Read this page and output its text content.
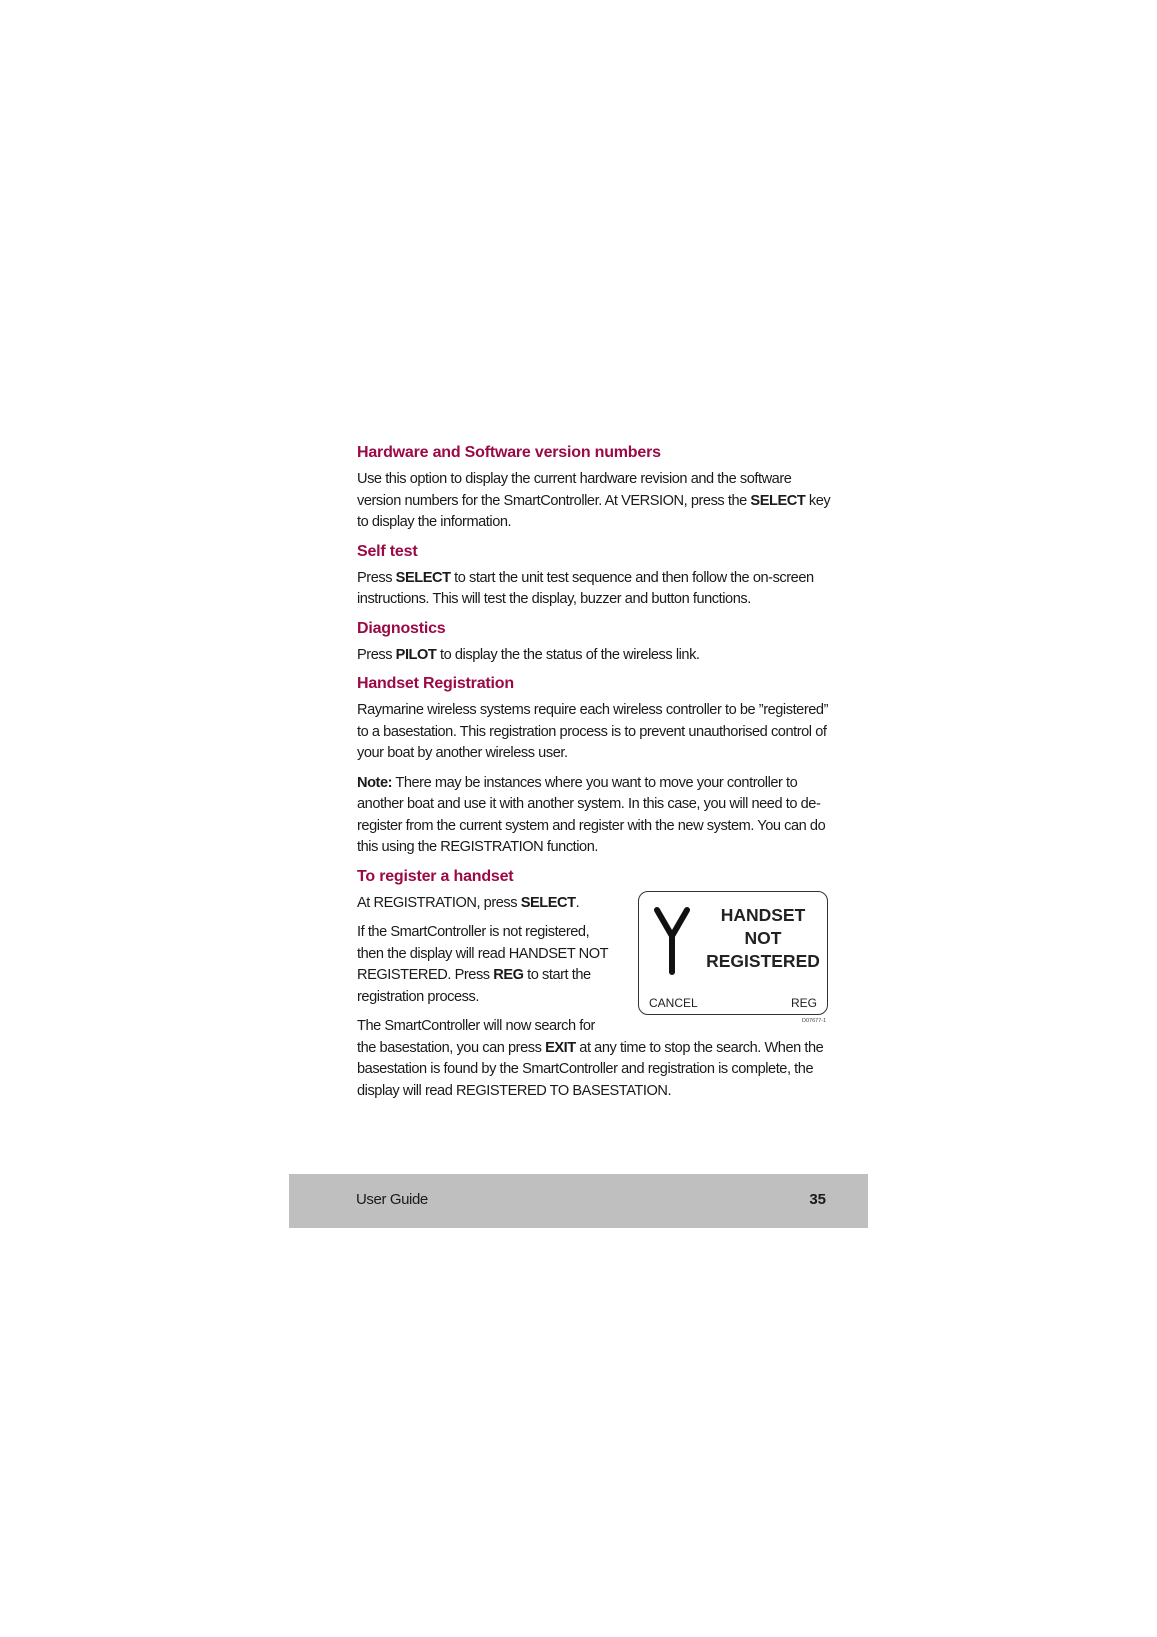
Hardware and Software version numbers

Use this option to display the current hardware revision and the software version numbers for the SmartController. At VERSION, press the SELECT key to display the information.

Self test

Press SELECT to start the unit test sequence and then follow the on-screen instructions. This will test the display, buzzer and button functions.

Diagnostics

Press PILOT to display the the status of the wireless link.

Handset Registration

Raymarine wireless systems require each wireless controller to be ”registered” to a basestation. This registration process is to prevent unauthorised control of your boat by another wireless user.

Note: There may be instances where you want to move your controller to another boat and use it with another system. In this case, you will need to de-register from the current system and register with the new system. You can do this using the REGISTRATION function.

To register a handset

At REGISTRATION, press SELECT.

If the SmartController is not registered, then the display will read HANDSET NOT REGISTERED. Press REG to start the registration process.

HANDSET
NOT
REGISTERED
CANCEL	REG
D07677-1

The SmartController will now search for
the basestation, you can press EXIT at any time to stop the search. When the basestation is found by the SmartController and registration is complete, the display will read REGISTERED TO BASESTATION.

User Guide	35
